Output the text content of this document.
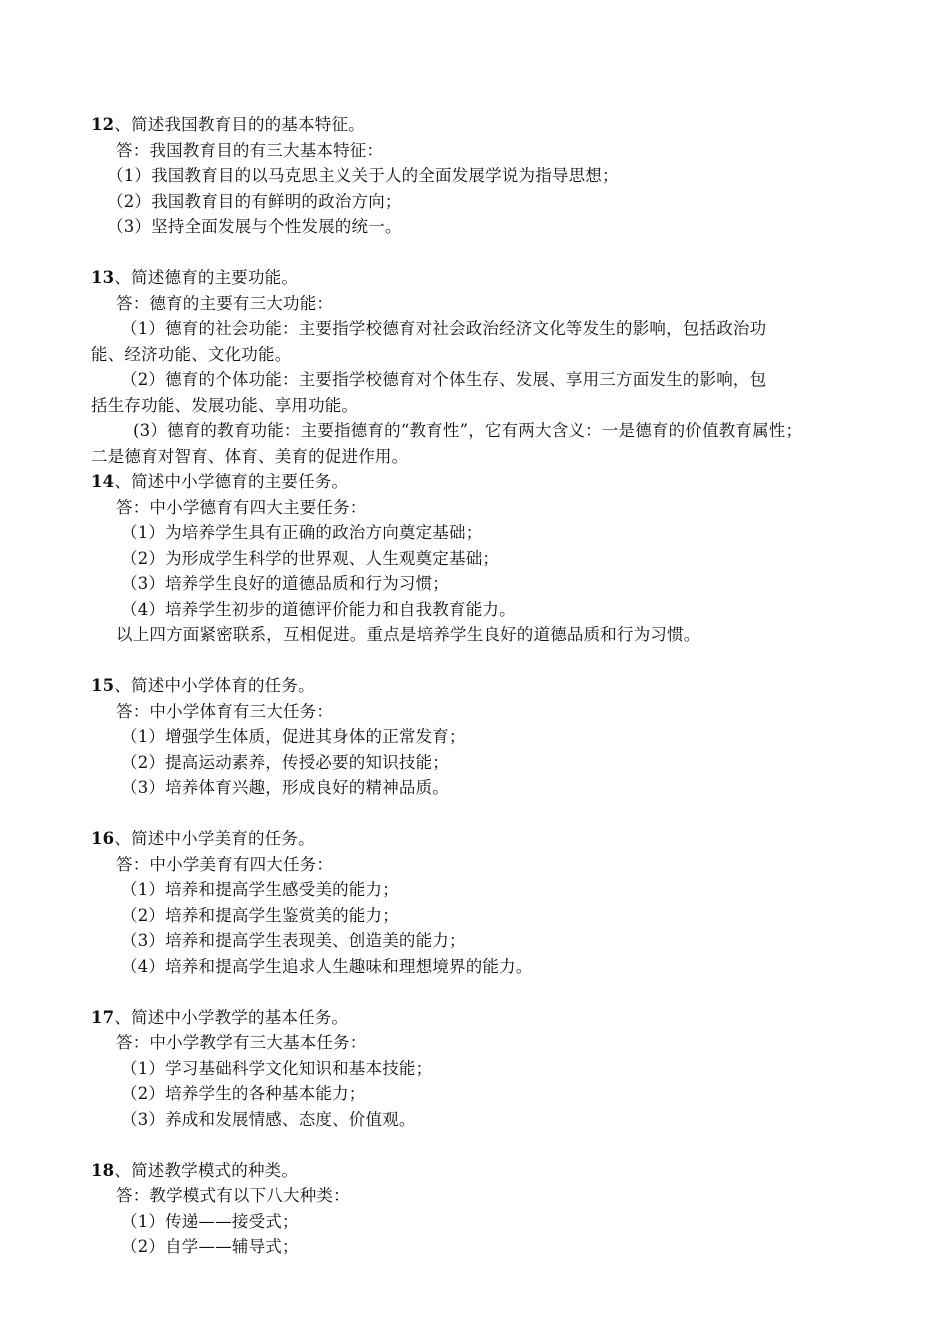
12、简述我国教育目的的基本特征。
答：我国教育目的有三大基本特征：
（1）我国教育目的以马克思主义关于人的全面发展学说为指导思想；
（2）我国教育目的有鲜明的政治方向；
（3）坚持全面发展与个性发展的统一。
13、简述德育的主要功能。
答：德育的主要有三大功能：
（1）德育的社会功能：主要指学校德育对社会政治经济文化等发生的影响，包括政治功
能、经济功能、文化功能。
（2）德育的个体功能：主要指学校德育对个体生存、发展、享用三方面发生的影响，包
括生存功能、发展功能、享用功能。
(3）德育的教育功能：主要指德育的“教育性”，它有两大含义：一是德育的价值教育属性；
二是德育对智育、体育、美育的促进作用。
14、简述中小学德育的主要任务。
答：中小学德育有四大主要任务：
（1）为培养学生具有正确的政治方向奠定基础；
（2）为形成学生科学的世界观、人生观奠定基础；
（3）培养学生良好的道德品质和行为习惯；
（4）培养学生初步的道德评价能力和自我教育能力。
以上四方面紧密联系，互相促进。重点是培养学生良好的道德品质和行为习惯。
15、简述中小学体育的任务。
答：中小学体育有三大任务：
（1）增强学生体质，促进其身体的正常发育；
（2）提高运动素养，传授必要的知识技能；
（3）培养体育兴趣，形成良好的精神品质。
16、简述中小学美育的任务。
答：中小学美育有四大任务：
（1）培养和提高学生感受美的能力；
（2）培养和提高学生鉴赏美的能力；
（3）培养和提高学生表现美、创造美的能力；
（4）培养和提高学生追求人生趣味和理想境界的能力。
17、简述中小学教学的基本任务。
答：中小学教学有三大基本任务：
（1）学习基础科学文化知识和基本技能；
（2）培养学生的各种基本能力；
（3）养成和发展情感、态度、价值观。
18、简述教学模式的种类。
答：教学模式有以下八大种类：
（1）传递——接受式；
（2）自学——辅导式；
